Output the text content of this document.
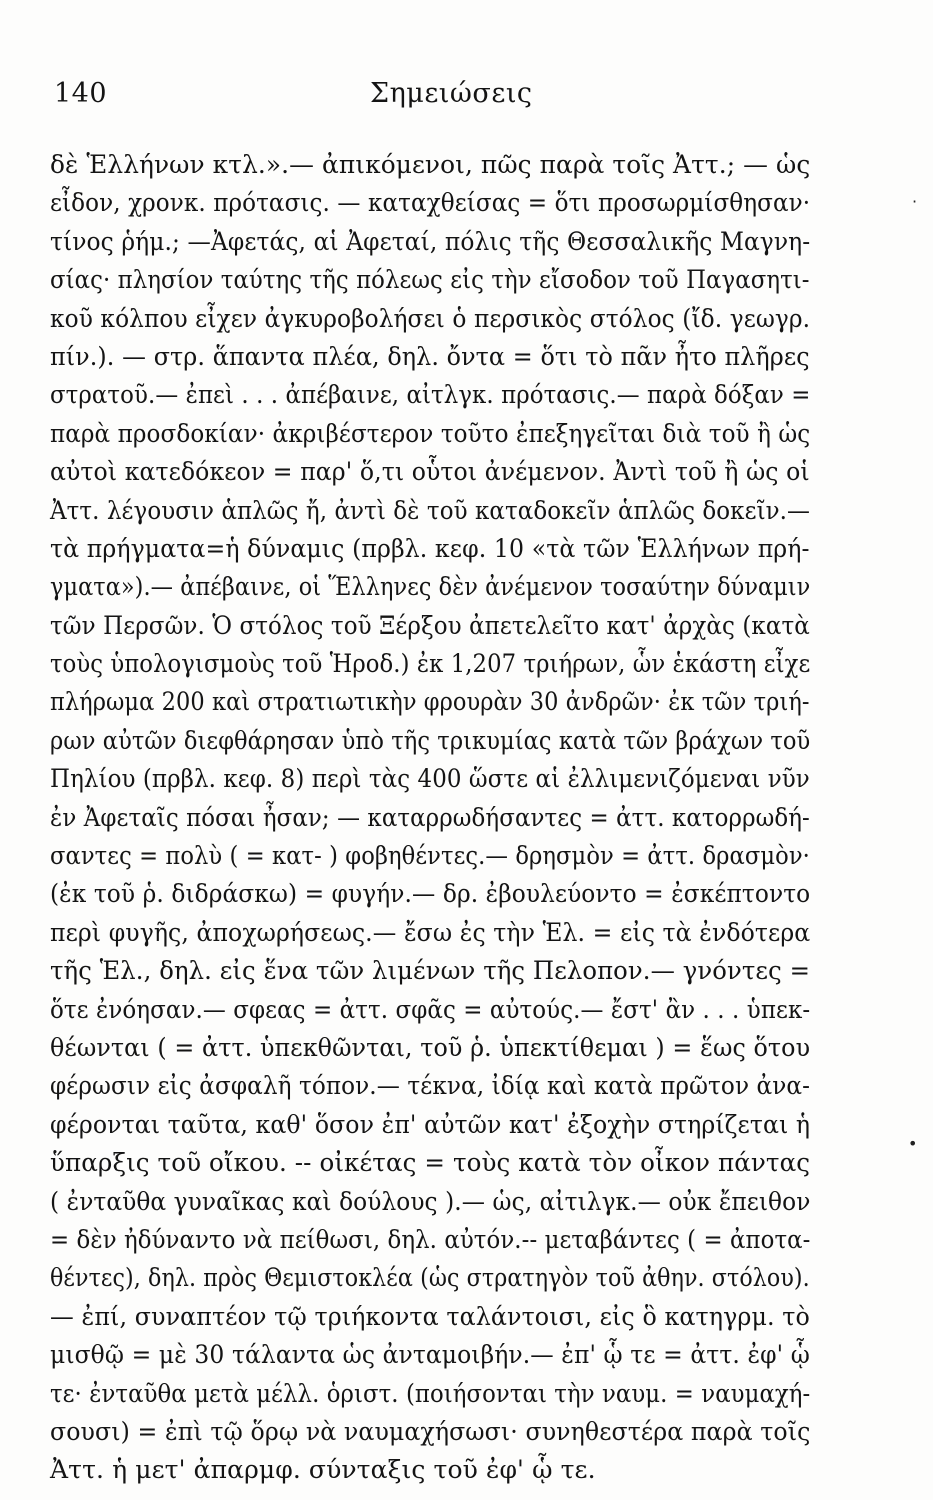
140	Σημειώσεις
δὲ Ἑλλήνων κτλ.».— ἀπικόμενοι, πῶς παρὰ τοῖς Ἀττ.; — ὡς
εἶδον, χρονκ. πρότασις. — καταχθείσας = ὅτι προσωρμίσθησαν·
τίνος ῥήμ.; —Ἀφετάς, αἱ Ἀφεταί, πόλις τῆς Θεσσαλικῆς Μαγνη-
σίας· πλησίον ταύτης τῆς πόλεως εἰς τὴν εἴσοδον τοῦ Παγασητι-
κοῦ κόλπου εἶχεν ἀγκυροβολήσει ὁ περσικὸς στόλος (ἴδ. γεωγρ.
πίν.). — στρ. ἅπαντα πλέα, δηλ. ὄντα = ὅτι τὸ πᾶν ἦτο πλῆρες
στρατοῦ.— ἐπεὶ . . . ἀπέβαινε, αἰτλγκ. πρότασις.— παρὰ δόξαν =
παρὰ προσδοκίαν· ἀκριβέστερον τοῦτο ἐπεξηγεῖται διὰ τοῦ ἢ ὡς
αὐτοὶ κατεδόκεον = παρ' ὅ,τι οὗτοι ἀνέμενον. Ἀντὶ τοῦ ἢ ὡς οἱ
Ἀττ. λέγουσιν ἁπλῶς ἤ, ἀντὶ δὲ τοῦ καταδοκεῖν ἁπλῶς δοκεῖν.—
τὰ πρήγματα=ἡ δύναμις (πρβλ. κεφ. 10 «τὰ τῶν Ἑλλήνων πρή-
γματα»).— ἀπέβαινε, οἱ Ἕλληνες δὲν ἀνέμενον τοσαύτην δύναμιν
τῶν Περσῶν. Ὁ στόλος τοῦ Ξέρξου ἀπετελεῖτο κατ' ἀρχὰς (κατὰ
τοὺς ὑπολογισμοὺς τοῦ Ἡροδ.) ἐκ 1,207 τριήρων, ὧν ἑκάστη εἶχε
πλήρωμα 200 καὶ στρατιωτικὴν φρουρὰν 30 ἀνδρῶν· ἐκ τῶν τριή-
ρων αὐτῶν διεφθάρησαν ὑπὸ τῆς τρικυμίας κατὰ τῶν βράχων τοῦ
Πηλίου (πρβλ. κεφ. 8) περὶ τὰς 400 ὥστε αἱ ἐλλιμενιζόμεναι νῦν
ἐν Ἀφεταῖς πόσαι ἦσαν; — καταρρωδήσαντες = ἀττ. κατορρωδή-
σαντες = πολὺ ( = κατ- ) φοβηθέντες.— δρησμὸν = ἀττ. δρασμὸν·
(ἐκ τοῦ ῥ. διδράσκω) = φυγήν.— δρ. ἐβουλεύοντο = ἐσκέπτοντο
περὶ φυγῆς, ἀποχωρήσεως.— ἔσω ἐς τὴν Ἑλ. = εἰς τὰ ἐνδότερα
τῆς Ἑλ., δηλ. εἰς ἕνα τῶν λιμένων τῆς Πελοπον.— γνόντες =
ὅτε ἐνόησαν.— σφεας = ἀττ. σφᾶς = αὐτούς.— ἔστ' ἂν . . . ὑπεκ-
θέωνται ( = ἀττ. ὑπεκθῶνται, τοῦ ῥ. ὑπεκτίθεμαι ) = ἕως ὅτου
φέρωσιν εἰς ἀσφαλῆ τόπον.— τέκνα, ἰδίᾳ καὶ κατὰ πρῶτον ἀνα-
φέρονται ταῦτα, καθ' ὅσον ἐπ' αὐτῶν κατ' ἐξοχὴν στηρίζεται ἡ
ὕπαρξις τοῦ οἴκου. -- οἰκέτας = τοὺς κατὰ τὸν οἶκον πάντας
( ἐνταῦθα γυναῖκας καὶ δούλους ).— ὡς, αἰτιλγκ.— οὐκ ἔπειθον
= δὲν ἠδύναντο νὰ πείθωσι, δηλ. αὐτόν.-- μεταβάντες ( = ἀποτα-
θέντες), δηλ. πρὸς Θεμιστοκλέα (ὡς στρατηγὸν τοῦ ἀθην. στόλου).
— ἐπί, συναπτέον τῷ τριήκοντα ταλάντοισι, εἰς ὃ κατηγρμ. τὸ
μισθῷ = μὲ 30 τάλαντα ὡς ἀνταμοιβήν.— ἐπ' ᾧ τε = ἀττ. ἐφ' ᾧ
τε· ἐνταῦθα μετὰ μέλλ. ὁριστ. (ποιήσονται τὴν ναυμ. = ναυμαχή-
σουσι) = ἐπὶ τῷ ὅρῳ νὰ ναυμαχήσωσι· συνηθεστέρα παρὰ τοῖς
Ἀττ. ἡ μετ' ἀπαρμφ. σύνταξις τοῦ ἐφ' ᾧ τε.
·
•
